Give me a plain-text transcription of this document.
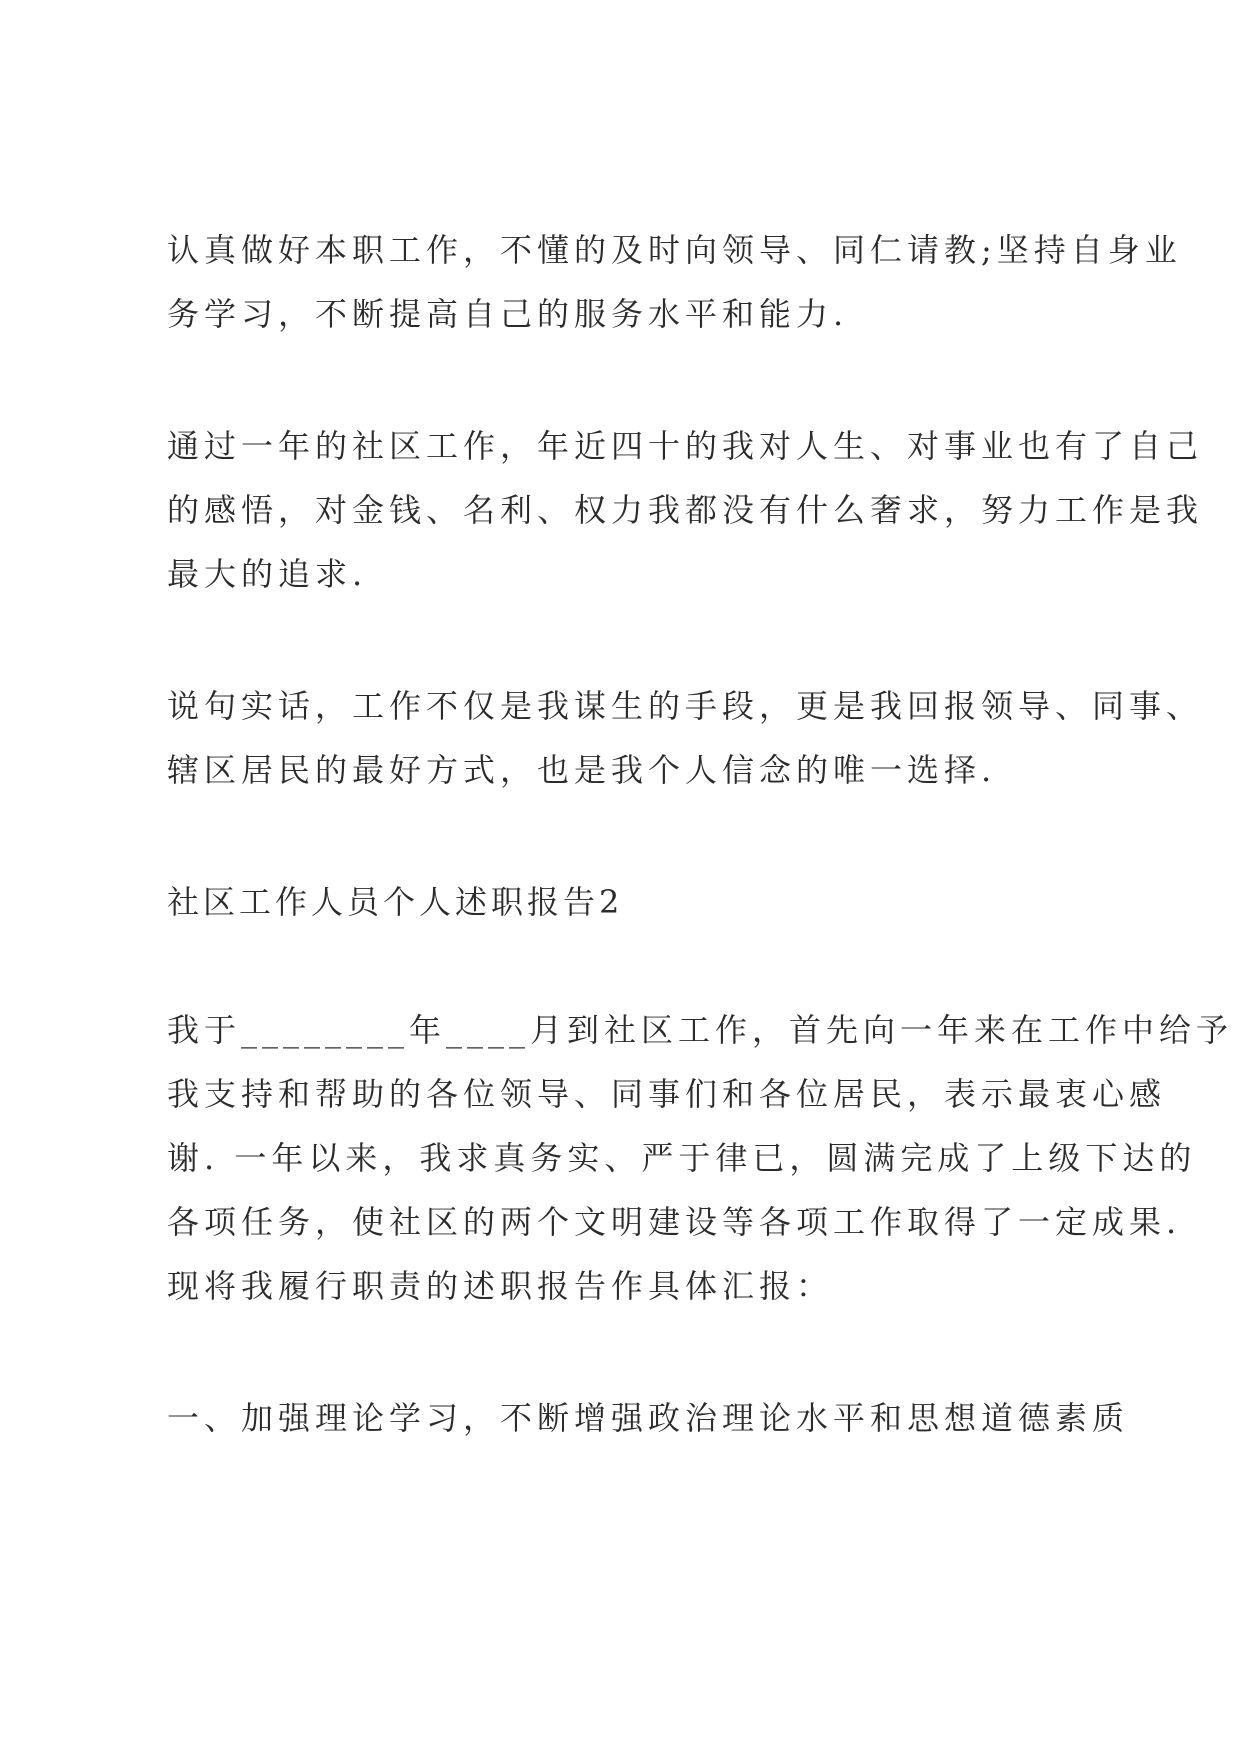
认真做好本职工作，不懂的及时向领导、同仁请教;坚持自身业
务学习，不断提高自己的服务水平和能力.
通过一年的社区工作，年近四十的我对人生、对事业也有了自己
的感悟，对金钱、名利、权力我都没有什么奢求，努力工作是我
最大的追求.
说句实话，工作不仅是我谋生的手段，更是我回报领导、同事、
辖区居民的最好方式，也是我个人信念的唯一选择.
社区工作人员个人述职报告2
我于________年____月到社区工作，首先向一年来在工作中给予
我支持和帮助的各位领导、同事们和各位居民，表示最衷心感
谢. 一年以来，我求真务实、严于律已，圆满完成了上级下达的
各项任务，使社区的两个文明建设等各项工作取得了一定成果.
现将我履行职责的述职报告作具体汇报：
一、加强理论学习，不断增强政治理论水平和思想道德素质
